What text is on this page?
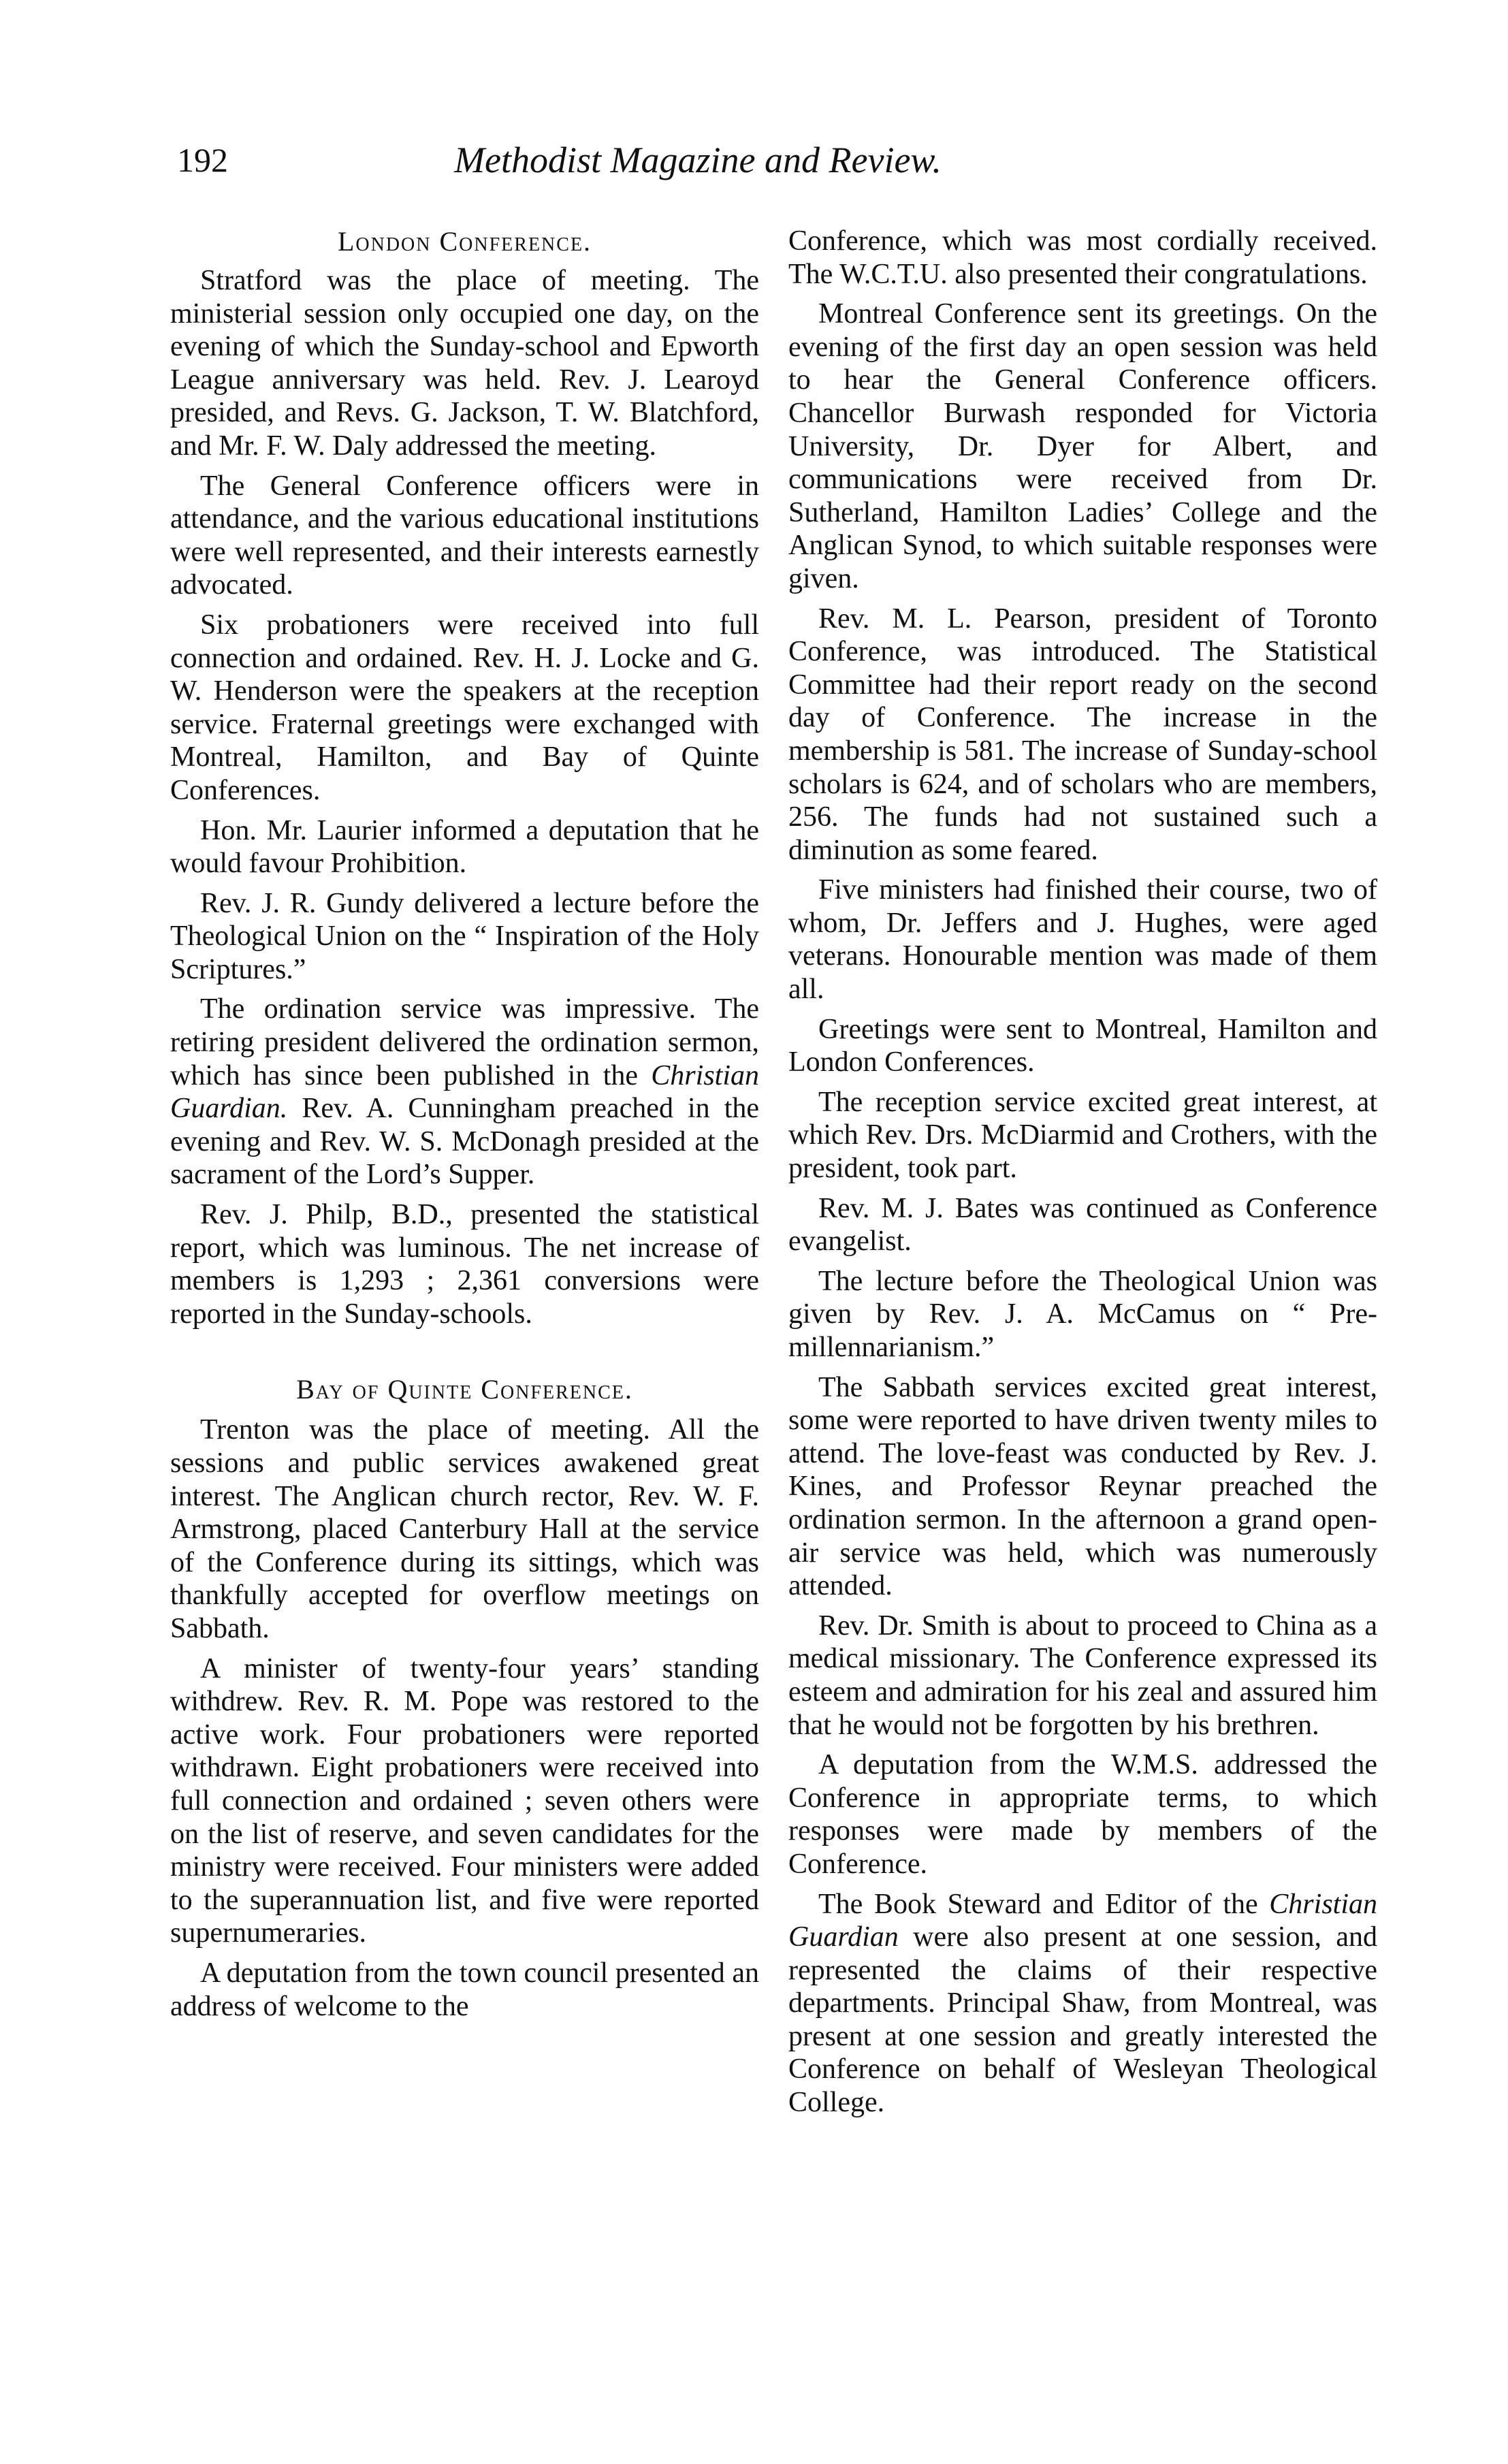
192	Methodist Magazine and Review.
London Conference.

Stratford was the place of meeting. The ministerial session only occupied one day, on the evening of which the Sunday-school and Epworth League anniversary was held. Rev. J. Learoyd presided, and Revs. G. Jackson, T. W. Blatchford, and Mr. F. W. Daly addressed the meeting.

The General Conference officers were in attendance, and the various educational institutions were well represented, and their interests earnestly advocated.

Six probationers were received into full connection and ordained. Rev. H. J. Locke and G. W. Henderson were the speakers at the reception service. Fraternal greetings were exchanged with Montreal, Hamilton, and Bay of Quinte Conferences.

Hon. Mr. Laurier informed a deputation that he would favour Prohibition.

Rev. J. R. Gundy delivered a lecture before the Theological Union on the “ Inspiration of the Holy Scriptures.”

The ordination service was impressive. The retiring president delivered the ordination sermon, which has since been published in the Christian Guardian. Rev. A. Cunningham preached in the evening and Rev. W. S. McDonagh presided at the sacrament of the Lord’s Supper.

Rev. J. Philp, B.D., presented the statistical report, which was luminous. The net increase of members is 1,293 ; 2,361 conversions were reported in the Sunday-schools.

Bay of Quinte Conference.

Trenton was the place of meeting. All the sessions and public services awakened great interest. The Anglican church rector, Rev. W. F. Armstrong, placed Canterbury Hall at the service of the Conference during its sittings, which was thankfully accepted for overflow meetings on Sabbath.

A minister of twenty-four years’ standing withdrew. Rev. R. M. Pope was restored to the active work. Four probationers were reported withdrawn. Eight probationers were received into full connection and ordained ; seven others were on the list of reserve, and seven candidates for the ministry were received. Four ministers were added to the superannuation list, and five were reported supernumeraries.

A deputation from the town council presented an address of welcome to the

Conference, which was most cordially received. The W.C.T.U. also presented their congratulations.

Montreal Conference sent its greetings. On the evening of the first day an open session was held to hear the General Conference officers. Chancellor Burwash responded for Victoria University, Dr. Dyer for Albert, and communications were received from Dr. Sutherland, Hamilton Ladies’ College and the Anglican Synod, to which suitable responses were given.

Rev. M. L. Pearson, president of Toronto Conference, was introduced. The Statistical Committee had their report ready on the second day of Conference. The increase in the membership is 581. The increase of Sunday-school scholars is 624, and of scholars who are members, 256. The funds had not sustained such a diminution as some feared.

Five ministers had finished their course, two of whom, Dr. Jeffers and J. Hughes, were aged veterans. Honourable mention was made of them all.

Greetings were sent to Montreal, Hamilton and London Conferences.

The reception service excited great interest, at which Rev. Drs. McDiarmid and Crothers, with the president, took part.

Rev. M. J. Bates was continued as Conference evangelist.

The lecture before the Theological Union was given by Rev. J. A. McCamus on “ Pre-millennarianism.”

The Sabbath services excited great interest, some were reported to have driven twenty miles to attend. The love-feast was conducted by Rev. J. Kines, and Professor Reynar preached the ordination sermon. In the afternoon a grand open-air service was held, which was numerously attended.

Rev. Dr. Smith is about to proceed to China as a medical missionary. The Conference expressed its esteem and admiration for his zeal and assured him that he would not be forgotten by his brethren.

A deputation from the W.M.S. addressed the Conference in appropriate terms, to which responses were made by members of the Conference.

The Book Steward and Editor of the Christian Guardian were also present at one session, and represented the claims of their respective departments. Principal Shaw, from Montreal, was present at one session and greatly interested the Conference on behalf of Wesleyan Theological College.
